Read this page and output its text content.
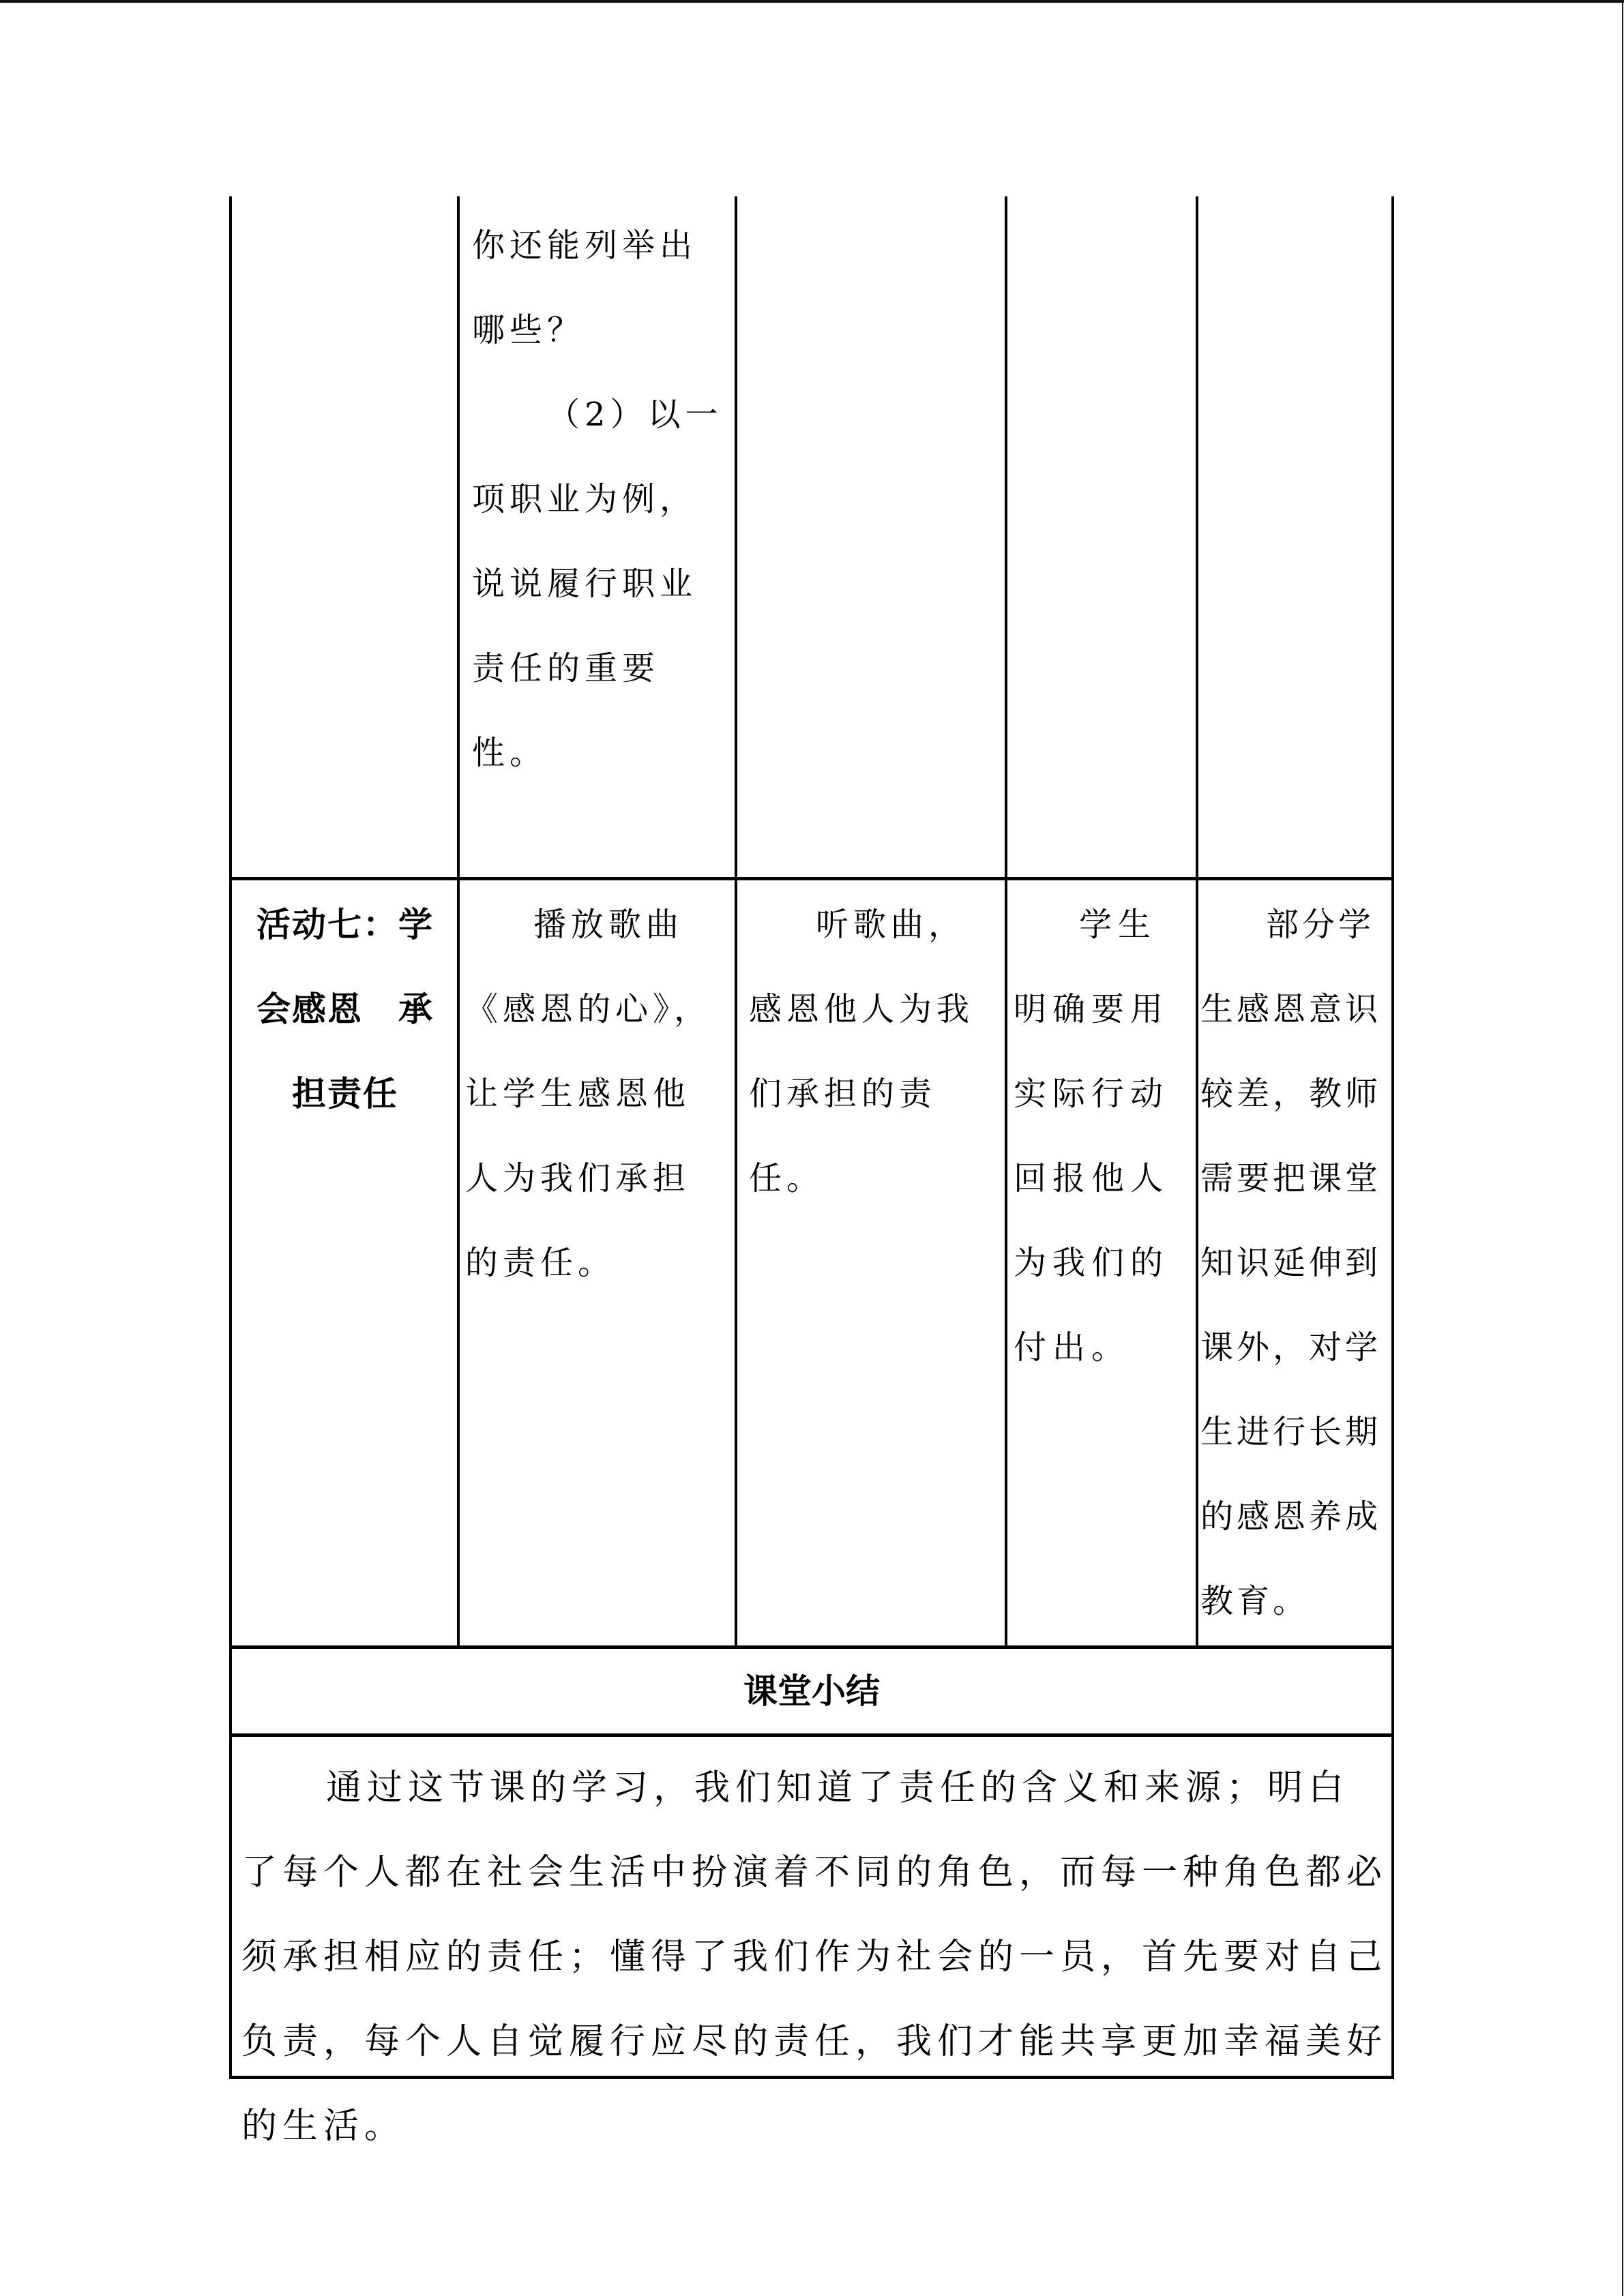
你还能列举出

哪些？

（2）以一

项职业为例，

说说履行职业

责任的重要

性。

活动七：学

会感恩　承

担责任

播放歌曲

《感恩的心》，

让学生感恩他

人为我们承担

的责任。

听歌曲，

感恩他人为我

们承担的责

任。

学生

明确要用

实际行动

回报他人

为我们的

付出。

部分学

生感恩意识

较差，教师

需要把课堂

知识延伸到

课外，对学

生进行长期

的感恩养成

教育。

课堂小结
通过这节课的学习，我们知道了责任的含义和来源；明白了每个人都在社会生活中扮演着不同的角色，而每一种角色都必须承担相应的责任；懂得了我们作为社会的一员，首先要对自己负责，每个人自觉履行应尽的责任，我们才能共享更加幸福美好的生活。
